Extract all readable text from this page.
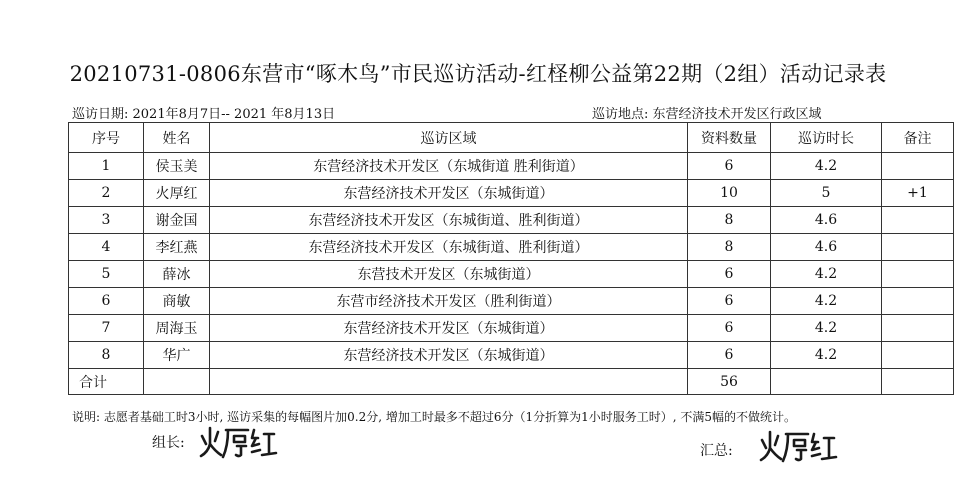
20210731-0806东营市“啄木鸟”市民巡访活动-红柽柳公益第22期（2组）活动记录表
巡访日期: 2021年8月7日-- 2021 年8月13日	巡访地点: 东营经济技术开发区行政区域
序号	姓名	巡访区域	资料数量	巡访时长	备注
1	侯玉美	东营经济技术开发区（东城街道 胜利街道）	6	4.2	
2	火厚红	东营经济技术开发区（东城街道）	10	5	+1
3	谢金国	东营经济技术开发区（东城街道、胜利街道）	8	4.6	
4	李红燕	东营经济技术开发区（东城街道、胜利街道）	8	4.6	
5	薛冰	东营技术开发区（东城街道）	6	4.2	
6	商敏	东营市经济技术开发区（胜利街道）	6	4.2	
7	周海玉	东营经济技术开发区（东城街道）	6	4.2	
8	华广	东营经济技术开发区（东城街道）	6	4.2	
合计			56		
说明: 志愿者基础工时3小时, 巡访采集的每幅图片加0.2分, 增加工时最多不超过6分（1分折算为1小时服务工时）, 不满5幅的不做统计。
组长:	汇总:
